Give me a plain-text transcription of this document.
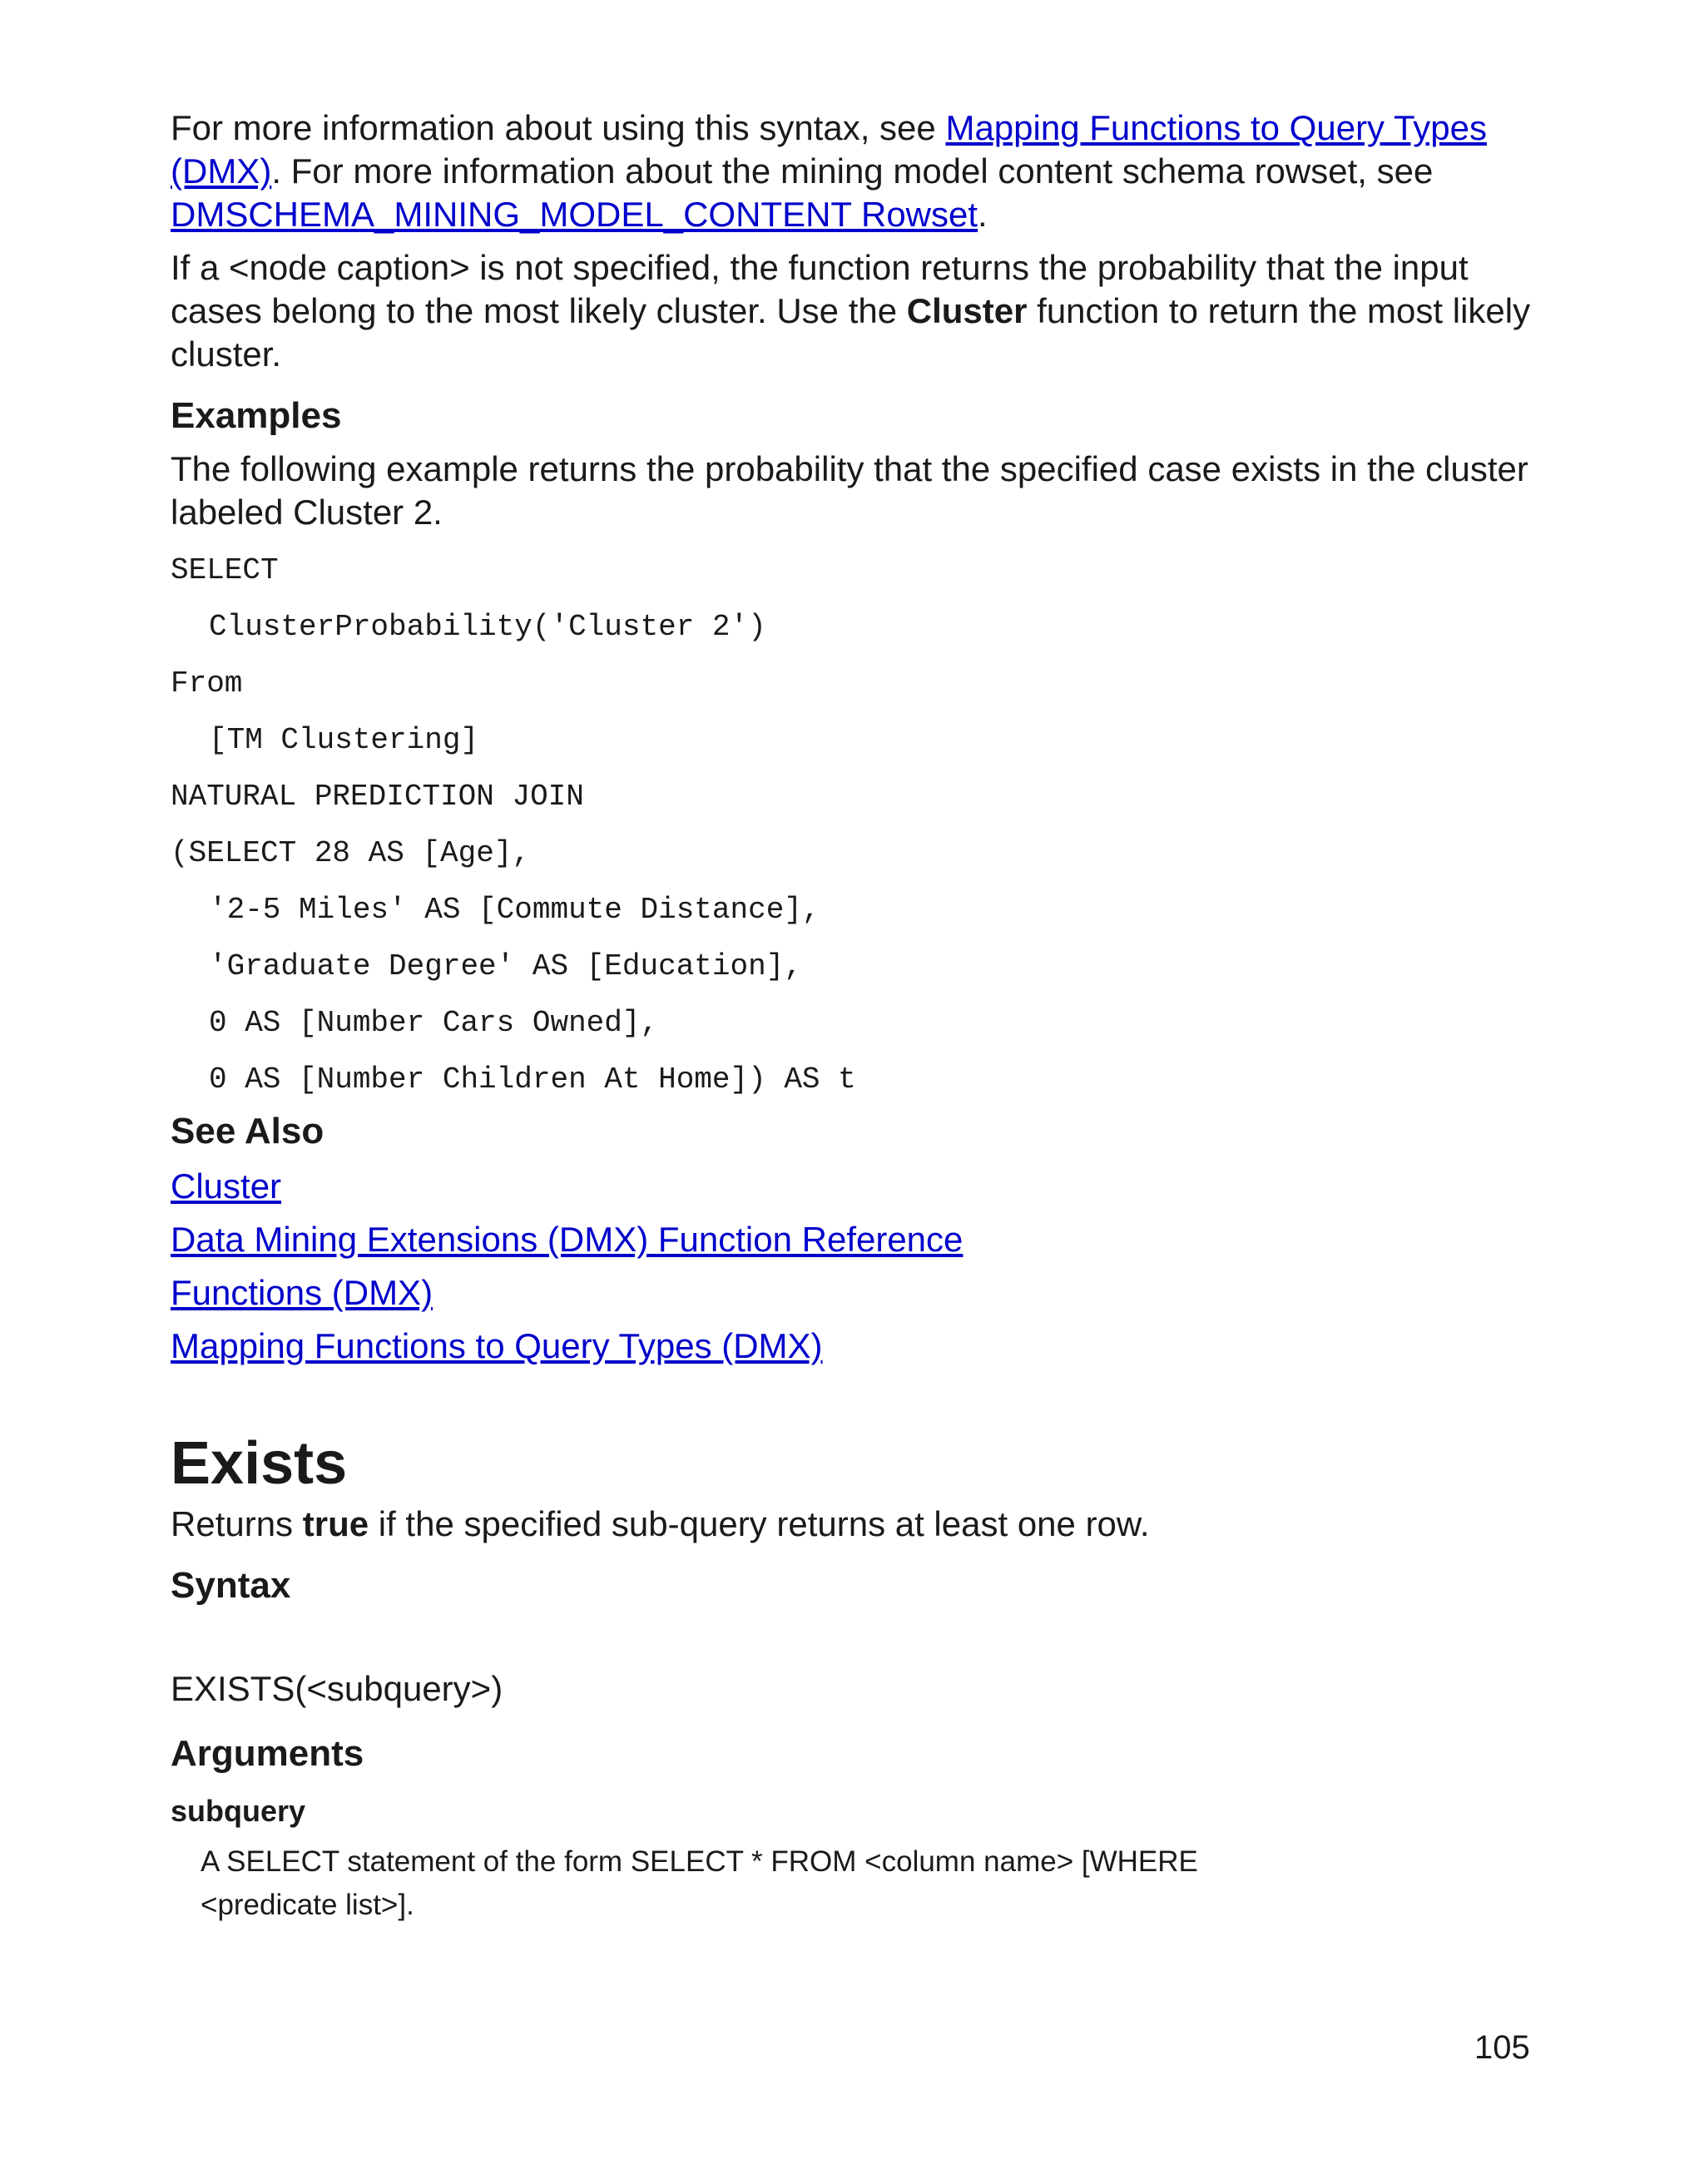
For more information about using this syntax, see Mapping Functions to Query Types (DMX). For more information about the mining model content schema rowset, see DMSCHEMA_MINING_MODEL_CONTENT Rowset.

If a <node caption> is not specified, the function returns the probability that the input cases belong to the most likely cluster. Use the Cluster function to return the most likely cluster.

Examples

The following example returns the probability that the specified case exists in the cluster labeled Cluster 2.

SELECT
ClusterProbability('Cluster 2')
From
[TM Clustering]
NATURAL PREDICTION JOIN
(SELECT 28 AS [Age],
'2-5 Miles' AS [Commute Distance],
'Graduate Degree' AS [Education],
0 AS [Number Cars Owned],
0 AS [Number Children At Home]) AS t
See Also
Cluster
Data Mining Extensions (DMX) Function Reference
Functions (DMX)
Mapping Functions to Query Types (DMX)
Exists

Returns true if the specified sub-query returns at least one row.

Syntax
EXISTS(<subquery>)
Arguments
subquery
A SELECT statement of the form SELECT * FROM <column name> [WHERE <predicate list>].
105
